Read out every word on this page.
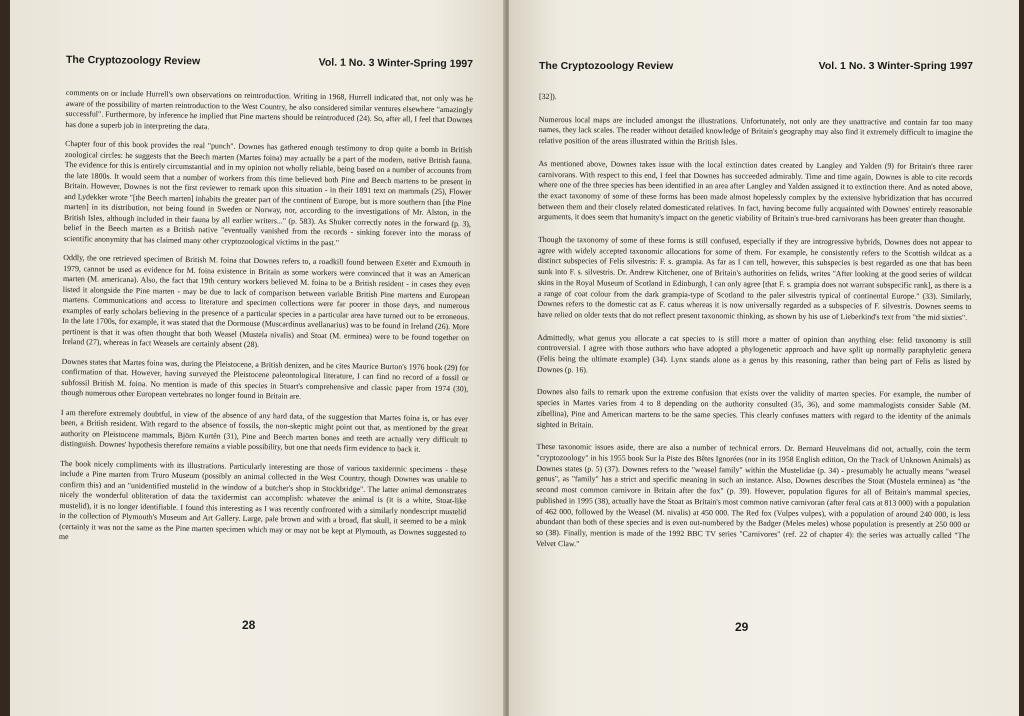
The Cryptozoology Review	Vol. 1 No. 3 Winter-Spring 1997

comments on or include Hurrell's own observations on reintroduction. Writing in 1968, Hurrell indicated that, not only was he aware of the possibility of marten reintroduction to the West Country, he also considered similar ventures elsewhere "amazingly successful". Furthermore, by inference he implied that Pine martens should be reintroduced (24). So, after all, I feel that Downes has done a superb job in interpreting the data.

Chapter four of this book provides the real "punch". Downes has gathered enough testimony to drop quite a bomb in British zoological circles: he suggests that the Beech marten (Martes foina) may actually be a part of the modern, native British fauna. The evidence for this is entirely circumstantial and in my opinion not wholly reliable, being based on a number of accounts from the late 1800s. It would seem that a number of workers from this time believed both Pine and Beech martens to be present in Britain. However, Downes is not the first reviewer to remark upon this situation - in their 1891 text on mammals (25), Flower and Lydekker wrote "[the Beech marten] inhabits the greater part of the continent of Europe, but is more southern than [the Pine marten] in its distribution, not being found in Sweden or Norway, nor, according to the investigations of Mr. Alston, in the British Isles, although included in their fauna by all earlier writers..." (p. 583). As Shuker correctly notes in the forward (p. 3), belief in the Beech marten as a British native "eventually vanished from the records - sinking forever into the morass of scientific anonymity that has claimed many other cryptozoological victims in the past."

Oddly, the one retrieved specimen of British M. foina that Downes refers to, a roadkill found between Exeter and Exmouth in 1979, cannot be used as evidence for M. foina existence in Britain as some workers were convinced that it was an American marten (M. americana). Also, the fact that 19th century workers believed M. foina to be a British resident - in cases they even listed it alongside the Pine marten - may be due to lack of comparison between variable British Pine martens and European martens. Communications and access to literature and specimen collections were far poorer in those days, and numerous examples of early scholars believing in the presence of a particular species in a particular area have turned out to be erroneous. In the late 1700s, for example, it was stated that the Dormouse (Muscardinus avellanarius) was to be found in Ireland (26). More pertinent is that it was often thought that both Weasel (Mustela nivalis) and Stoat (M. erminea) were to be found together on Ireland (27), whereas in fact Weasels are certainly absent (28).

Downes states that Martes foina was, during the Pleistocene, a British denizen, and he cites Maurice Burton's 1976 book (29) for confirmation of that. However, having surveyed the Pleistocene paleontological literature, I can find no record of a fossil or subfossil British M. foina. No mention is made of this species in Stuart's comprehensive and classic paper from 1974 (30), though numerous other European vertebrates no longer found in Britain are.

I am therefore extremely doubtful, in view of the absence of any hard data, of the suggestion that Martes foina is, or has ever been, a British resident. With regard to the absence of fossils, the non-skeptic might point out that, as mentioned by the great authority on Pleistocene mammals, Björn Kurtén (31), Pine and Beech marten bones and teeth are actually very difficult to distinguish. Downes' hypothesis therefore remains a viable possibility, but one that needs firm evidence to back it.

The book nicely compliments with its illustrations. Particularly interesting are those of various taxidermic specimens - these include a Pine marten from Truro Museum (possibly an animal collected in the West Country, though Downes was unable to confirm this) and an "unidentified mustelid in the window of a butcher's shop in Stockbridge". The latter animal demonstrates nicely the wonderful obliteration of data the taxidermist can accomplish: whatever the animal is (it is a white, Stoat-like mustelid), it is no longer identifiable. I found this interesting as I was recently confronted with a similarly nondescript mustelid in the collection of Plymouth's Museum and Art Gallery. Large, pale brown and with a broad, flat skull, it seemed to be a mink (certainly it was not the same as the Pine marten specimen which may or may not be kept at Plymouth, as Downes suggested to me

28
The Cryptozoology Review	Vol. 1 No. 3 Winter-Spring 1997

[32]).

Numerous local maps are included amongst the illustrations. Unfortunately, not only are they unattractive and contain far too many names, they lack scales. The reader without detailed knowledge of Britain's geography may also find it extremely difficult to imagine the relative position of the areas illustrated within the British Isles.

As mentioned above, Downes takes issue with the local extinction dates created by Langley and Yalden (9) for Britain's three rarer carnivorans. With respect to this end, I feel that Downes has succeeded admirably. Time and time again, Downes is able to cite records where one of the three species has been identified in an area after Langley and Yalden assigned it to extinction there. And as noted above, the exact taxonomy of some of these forms has been made almost hopelessly complex by the extensive hybridization that has occurred between them and their closely related domesticated relatives. In fact, having become fully acquainted with Downes' entirely reasonable arguments, it does seem that humanity's impact on the genetic viability of Britain's true-bred carnivorans has been greater than thought.

Though the taxonomy of some of these forms is still confused, especially if they are introgressive hybrids, Downes does not appear to agree with widely accepted taxonomic allocations for some of them. For example, he consistently refers to the Scottish wildcat as a distinct subspecies of Felis silvestris: F. s. grampia. As far as I can tell, however, this subspecies is best regarded as one that has been sunk into F. s. silvestris. Dr. Andrew Kitchener, one of Britain's authorities on felids, writes "After looking at the good series of wildcat skins in the Royal Museum of Scotland in Edinburgh, I can only agree [that F. s. grampia does not warrant subspecific rank], as there is a a range of coat colour from the dark grampia-type of Scotland to the paler silvestris typical of continental Europe." (33). Similarly, Downes refers to the domestic cat as F. catus whereas it is now universally regarded as a subspecies of F. silvestris. Downes seems to have relied on older texts that do not reflect present taxonomic thinking, as shown by his use of Lieberkind's text from "the mid sixties".

Admittedly, what genus you allocate a cat species to is still more a matter of opinion than anything else: felid taxonomy is still controversial. I agree with those authors who have adopted a phylogenetic approach and have split up normally paraphyletic genera (Felis being the ultimate example) (34). Lynx stands alone as a genus by this reasoning, rather than being part of Felis as listed by Downes (p. 16).

Downes also fails to remark upon the extreme confusion that exists over the validity of marten species. For example, the number of species in Martes varies from 4 to 8 depending on the authority consulted (35, 36), and some mammalogists consider Sable (M. zibellina), Pine and American martens to be the same species. This clearly confuses matters with regard to the identity of the animals sighted in Britain.

These taxonomic issues aside, there are also a number of technical errors. Dr. Bernard Heuvelmans did not, actually, coin the term "cryptozoology" in his 1955 book Sur la Piste des Bêtes Ignorées (nor in its 1958 English edition, On the Track of Unknown Animals) as Downes states (p. 5) (37). Downes refers to the "weasel family" within the Mustelidae (p. 34) - presumably he actually means "weasel genus", as "family" has a strict and specific meaning in such an instance. Also, Downes describes the Stoat (Mustela erminea) as "the second most common carnivore in Britain after the fox" (p. 39). However, population figures for all of Britain's mammal species, published in 1995 (38), actually have the Stoat as Britain's most common native carnivoran (after feral cats at 813 000) with a population of 462 000, followed by the Weasel (M. nivalis) at 450 000. The Red fox (Vulpes vulpes), with a population of around 240 000, is less abundant than both of these species and is even out-numbered by the Badger (Meles meles) whose population is presently at 250 000 or so (38). Finally, mention is made of the 1992 BBC TV series "Carnivores" (ref. 22 of chapter 4): the series was actually called "The Velvet Claw."

29
